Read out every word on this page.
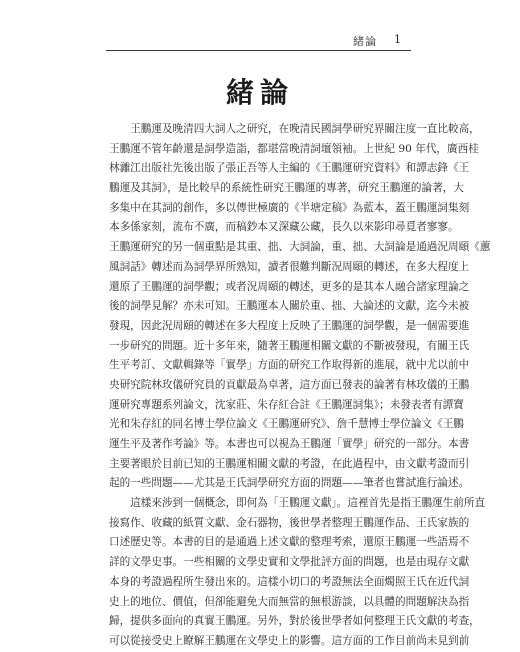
緒論 1
緒論
　　王鵬運及晚清四大詞人之研究，在晚清民國詞學研究界關注度一直比較高，
王鵬運不管年齡還是詞學造詣，都堪當晚清詞壇領袖。上世紀 90 年代，廣西桂
林灕江出版社先後出版了張正吾等人主編的《王鵬運研究資料》和譚志鋒《王
鵬運及其詞》，是比較早的系統性研究王鵬運的專著，研究王鵬運的論著，大
多集中在其詞的創作，多以傳世極廣的《半塘定稿》為藍本，蓋王鵬運詞集刻
本多係家刻，流布不廣，而稿鈔本又深藏公藏，長久以來影印尋覓者寥寥。
王鵬運研究的另一個重點是其重、拙、大詞論，重、拙、大詞論是通過況周頤《蕙
風詞話》轉述而為詞學界所熟知，讀者很難判斷況周頤的轉述，在多大程度上
還原了王鵬運的詞學觀；或者況周頤的轉述，更多的是其本人融合諸家理論之
後的詞學見解？亦未可知。王鵬運本人關於重、拙、大論述的文獻，迄今未被
發現，因此況周頤的轉述在多大程度上反映了王鵬運的詞學觀，是一個需要進
一步研究的問題。近十多年來，隨著王鵬運相關文獻的不斷被發現，有關王氏
生平考訂、文獻輯錄等「實學」方面的研究工作取得新的進展，就中尤以前中
央研究院林玫儀研究員的貢獻最為卓著，這方面已發表的論著有林玫儀的王鵬
運研究專題系列論文，沈家莊、朱存紅合註《王鵬運詞集》；未發表者有譚寶
光和朱存紅的同名博士學位論文《王鵬運研究》、詹千慧博士學位論文《王鵬
運生平及著作考論》等。本書也可以視為王鵬運「實學」研究的一部分。本書
主要著眼於目前已知的王鵬運相關文獻的考證，在此過程中，由文獻考證而引
起的一些問題——尤其是王氏詞學研究方面的問題——筆者也嘗試進行論述。
　　這樣來涉到一個概念，即何為「王鵬運文獻」。這裡首先是指王鵬運生前所直
接寫作、收藏的紙質文獻、金石器物，後世學者整理王鵬運作品、王氏家族的
口述歷史等。本書的目的是通過上述文獻的整理考索，還原王鵬運一些語焉不
詳的文學史事。一些相關的文學史實和文學批評方面的問題，也是由現存文獻
本身的考證過程所生發出來的。這樣小切口的考證無法全面燭照王氏在近代詞
史上的地位、價值，但卻能避免大而無當的無根游談，以具體的問題解決為指
歸，提供多面向的真實王鵬運。另外，對於後世學者如何整理王氏文獻的考查，
可以從接受史上瞭解王鵬運在文學史上的影響。這方面的工作目前尚未見到前
